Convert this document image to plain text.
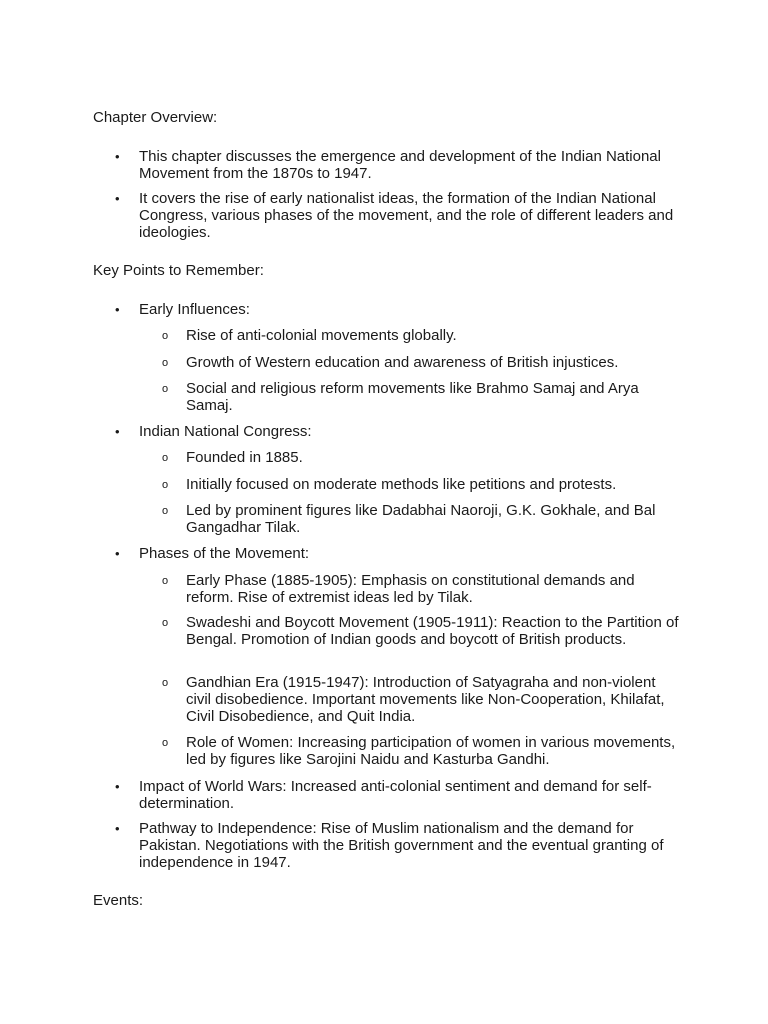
Chapter Overview:

• This chapter discusses the emergence and development of the Indian National Movement from the 1870s to 1947.

• It covers the rise of early nationalist ideas, the formation of the Indian National Congress, various phases of the movement, and the role of different leaders and ideologies.

Key Points to Remember:

• Early Influences:

o Rise of anti-colonial movements globally.

o Growth of Western education and awareness of British injustices.

o Social and religious reform movements like Brahmo Samaj and Arya Samaj.

• Indian National Congress:

o Founded in 1885.

o Initially focused on moderate methods like petitions and protests.

o Led by prominent figures like Dadabhai Naoroji, G.K. Gokhale, and Bal Gangadhar Tilak.

• Phases of the Movement:

o Early Phase (1885-1905): Emphasis on constitutional demands and reform. Rise of extremist ideas led by Tilak.

o Swadeshi and Boycott Movement (1905-1911): Reaction to the Partition of Bengal. Promotion of Indian goods and boycott of British products.

o Gandhian Era (1915-1947): Introduction of Satyagraha and non-violent civil disobedience. Important movements like Non-Cooperation, Khilafat, Civil Disobedience, and Quit India.

o Role of Women: Increasing participation of women in various movements, led by figures like Sarojini Naidu and Kasturba Gandhi.

• Impact of World Wars: Increased anti-colonial sentiment and demand for self-determination.

• Pathway to Independence: Rise of Muslim nationalism and the demand for Pakistan. Negotiations with the British government and the eventual granting of independence in 1947.

Events:
